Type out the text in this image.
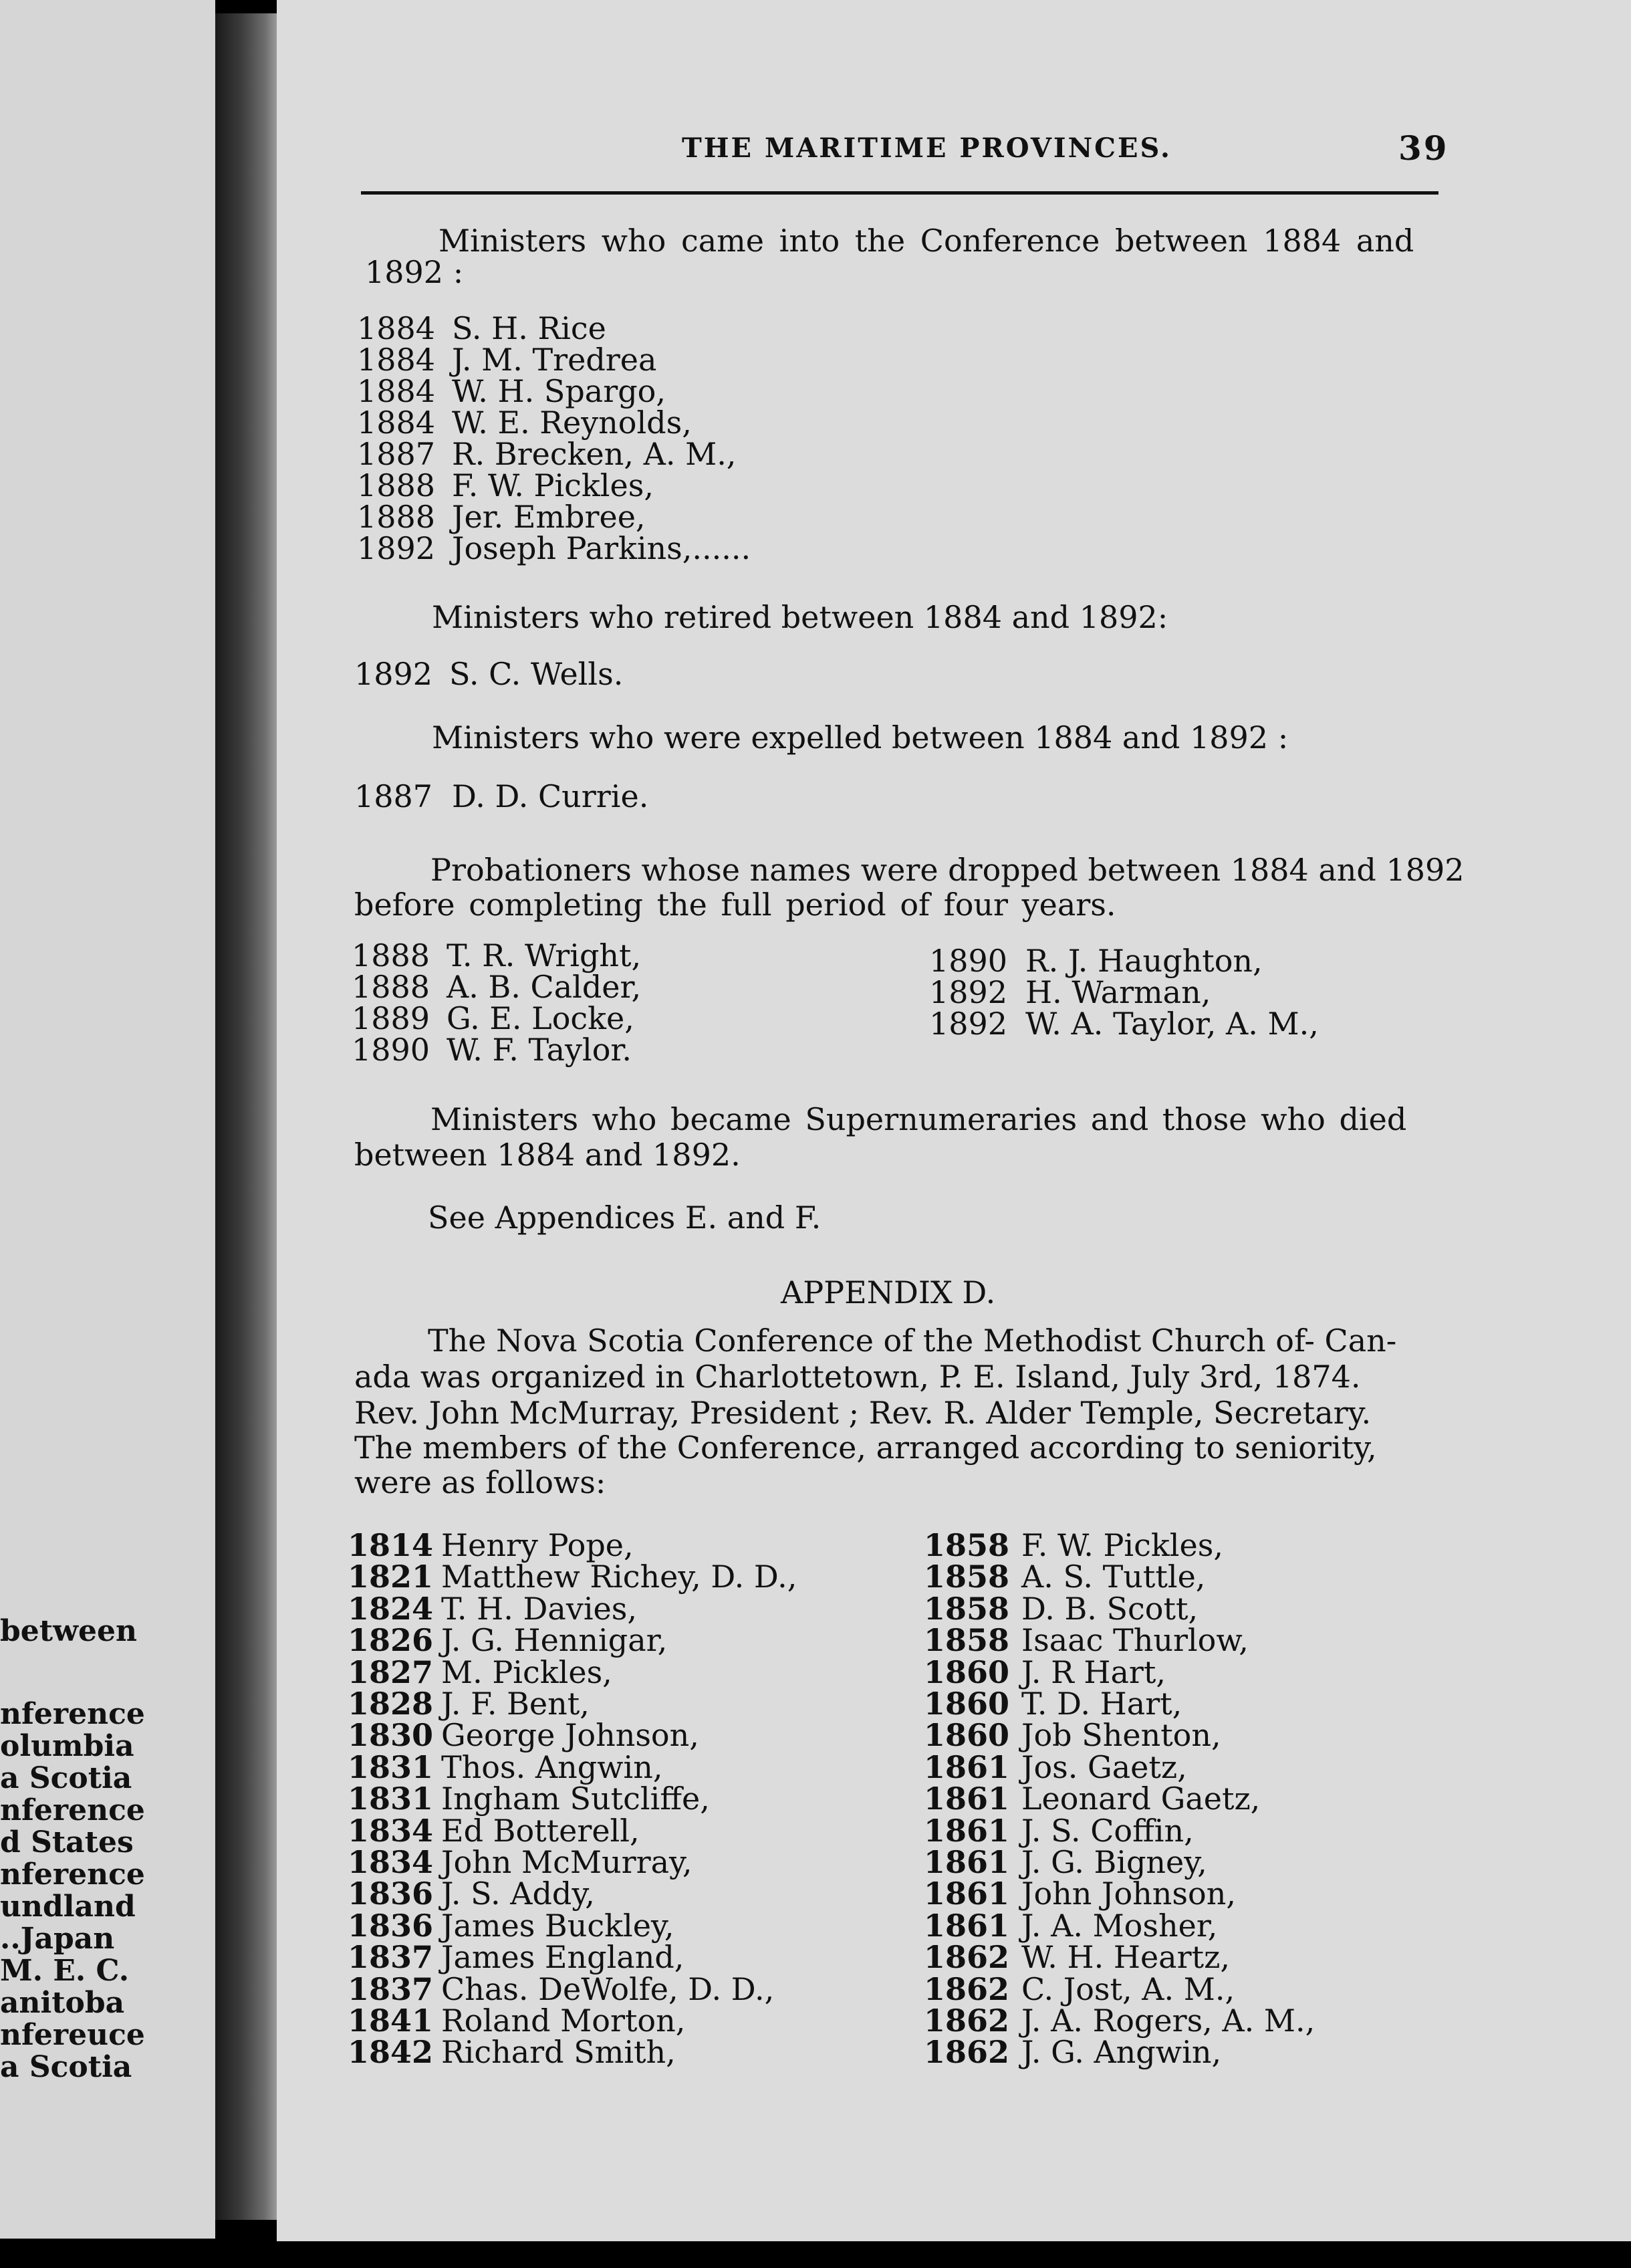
between
nference
olumbia
a Scotia
nference
d States
nference
undland
..Japan
M. E. C.
anitoba
nfereuce
a Scotia
THE MARITIME PROVINCES.	39
Ministers who came into the Conference between 1884 and
1892 :
1884 S. H. Rice
1884 J. M. Tredrea
1884 W. H. Spargo,
1884 W. E. Reynolds,
1887 R. Brecken, A. M.,
1888 F. W. Pickles,
1888 Jer. Embree,
1892 Joseph Parkins,......
Ministers who retired between 1884 and 1892:
1892 S. C. Wells.
Ministers who were expelled between 1884 and 1892 :
1887 D. D. Currie.
Probationers whose names were dropped between 1884 and 1892
before completing the full period of four years.
1888 T. R. Wright,
1888 A. B. Calder,
1889 G. E. Locke,
1890 W. F. Taylor.
1890 R. J. Haughton,
1892 H. Warman,
1892 W. A. Taylor, A. M.,
Ministers who became Supernumeraries and those who died
between 1884 and 1892.
See Appendices E. and F.
APPENDIX D.
The Nova Scotia Conference of the Methodist Church of- Can-
ada was organized in Charlottetown, P. E. Island, July 3rd, 1874.
Rev. John McMurray, President ; Rev. R. Alder Temple, Secretary.
The members of the Conference, arranged according to seniority,
were as follows:
1814 Henry Pope,
1821 Matthew Richey, D. D.,
1824 T. H. Davies,
1826 J. G. Hennigar,
1827 M. Pickles,
1828 J. F. Bent,
1830 George Johnson,
1831 Thos. Angwin,
1831 Ingham Sutcliffe,
1834 Ed Botterell,
1834 John McMurray,
1836 J. S. Addy,
1836 James Buckley,
1837 James England,
1837 Chas. DeWolfe, D. D.,
1841 Roland Morton,
1842 Richard Smith,
1858 F. W. Pickles,
1858 A. S. Tuttle,
1858 D. B. Scott,
1858 Isaac Thurlow,
1860 J. R Hart,
1860 T. D. Hart,
1860 Job Shenton,
1861 Jos. Gaetz,
1861 Leonard Gaetz,
1861 J. S. Coffin,
1861 J. G. Bigney,
1861 John Johnson,
1861 J. A. Mosher,
1862 W. H. Heartz,
1862 C. Jost, A. M.,
1862 J. A. Rogers, A. M.,
1862 J. G. Angwin,
